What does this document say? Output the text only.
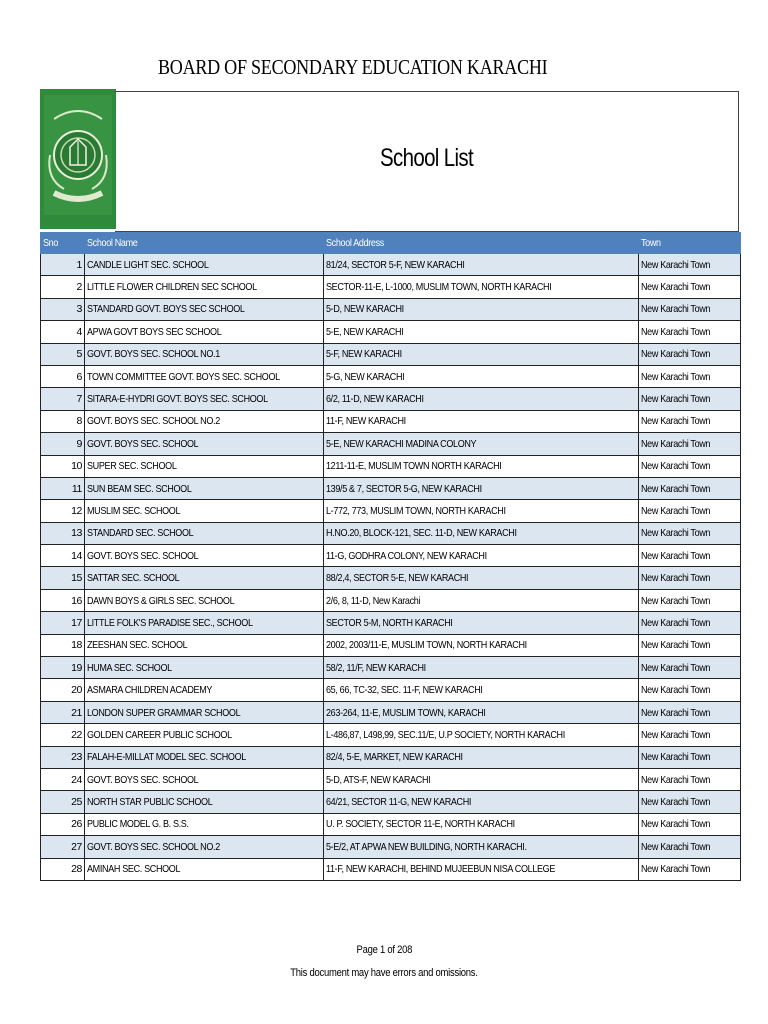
BOARD OF SECONDARY EDUCATION KARACHI
School List
Sno	School Name	School Address	Town
1	CANDLE LIGHT SEC. SCHOOL	81/24, SECTOR 5-F, NEW KARACHI	New Karachi Town
2	LITTLE FLOWER CHILDREN SEC SCHOOL	SECTOR-11-E, L-1000, MUSLIM TOWN, NORTH KARACHI	New Karachi Town
3	STANDARD GOVT. BOYS SEC SCHOOL	5-D, NEW KARACHI	New Karachi Town
4	APWA GOVT BOYS SEC SCHOOL	5-E, NEW KARACHI	New Karachi Town
5	GOVT. BOYS SEC. SCHOOL NO.1	5-F, NEW KARACHI	New Karachi Town
6	TOWN COMMITTEE GOVT. BOYS SEC. SCHOOL	5-G, NEW KARACHI	New Karachi Town
7	SITARA-E-HYDRI GOVT. BOYS SEC. SCHOOL	6/2, 11-D, NEW KARACHI	New Karachi Town
8	GOVT. BOYS SEC. SCHOOL NO.2	11-F, NEW KARACHI	New Karachi Town
9	GOVT. BOYS SEC. SCHOOL	5-E, NEW KARACHI MADINA COLONY	New Karachi Town
10	SUPER SEC. SCHOOL	1211-11-E, MUSLIM TOWN NORTH KARACHI	New Karachi Town
11	SUN BEAM SEC. SCHOOL	139/5 & 7, SECTOR 5-G, NEW KARACHI	New Karachi Town
12	MUSLIM SEC. SCHOOL	L-772, 773, MUSLIM TOWN, NORTH KARACHI	New Karachi Town
13	STANDARD SEC. SCHOOL	H.NO.20, BLOCK-121, SEC. 11-D, NEW KARACHI	New Karachi Town
14	GOVT. BOYS SEC. SCHOOL	11-G, GODHRA COLONY, NEW KARACHI	New Karachi Town
15	SATTAR SEC. SCHOOL	88/2,4, SECTOR 5-E, NEW KARACHI	New Karachi Town
16	DAWN BOYS & GIRLS SEC. SCHOOL	2/6, 8, 11-D, New Karachi	New Karachi Town
17	LITTLE FOLK'S PARADISE SEC., SCHOOL	SECTOR 5-M, NORTH KARACHI	New Karachi Town
18	ZEESHAN SEC. SCHOOL	2002, 2003/11-E, MUSLIM TOWN, NORTH KARACHI	New Karachi Town
19	HUMA SEC. SCHOOL	58/2, 11/F, NEW KARACHI	New Karachi Town
20	ASMARA CHILDREN ACADEMY	65, 66, TC-32, SEC. 11-F, NEW KARACHI	New Karachi Town
21	LONDON SUPER GRAMMAR SCHOOL	263-264, 11-E, MUSLIM TOWN, KARACHI	New Karachi Town
22	GOLDEN CAREER PUBLIC SCHOOL	L-486,87, L498,99, SEC.11/E, U.P SOCIETY, NORTH KARACHI	New Karachi Town
23	FALAH-E-MILLAT MODEL SEC. SCHOOL	82/4, 5-E, MARKET, NEW KARACHI	New Karachi Town
24	GOVT. BOYS SEC. SCHOOL	5-D, ATS-F, NEW KARACHI	New Karachi Town
25	NORTH STAR PUBLIC SCHOOL	64/21, SECTOR 11-G, NEW KARACHI	New Karachi Town
26	PUBLIC MODEL G. B. S.S.	U. P. SOCIETY, SECTOR 11-E, NORTH KARACHI	New Karachi Town
27	GOVT. BOYS SEC. SCHOOL NO.2	5-E/2, AT APWA NEW BUILDING, NORTH KARACHI.	New Karachi Town
28	AMINAH SEC. SCHOOL	11-F, NEW KARACHI, BEHIND MUJEEBUN NISA COLLEGE	New Karachi Town
Page 1 of 208
This document may have errors and omissions.
